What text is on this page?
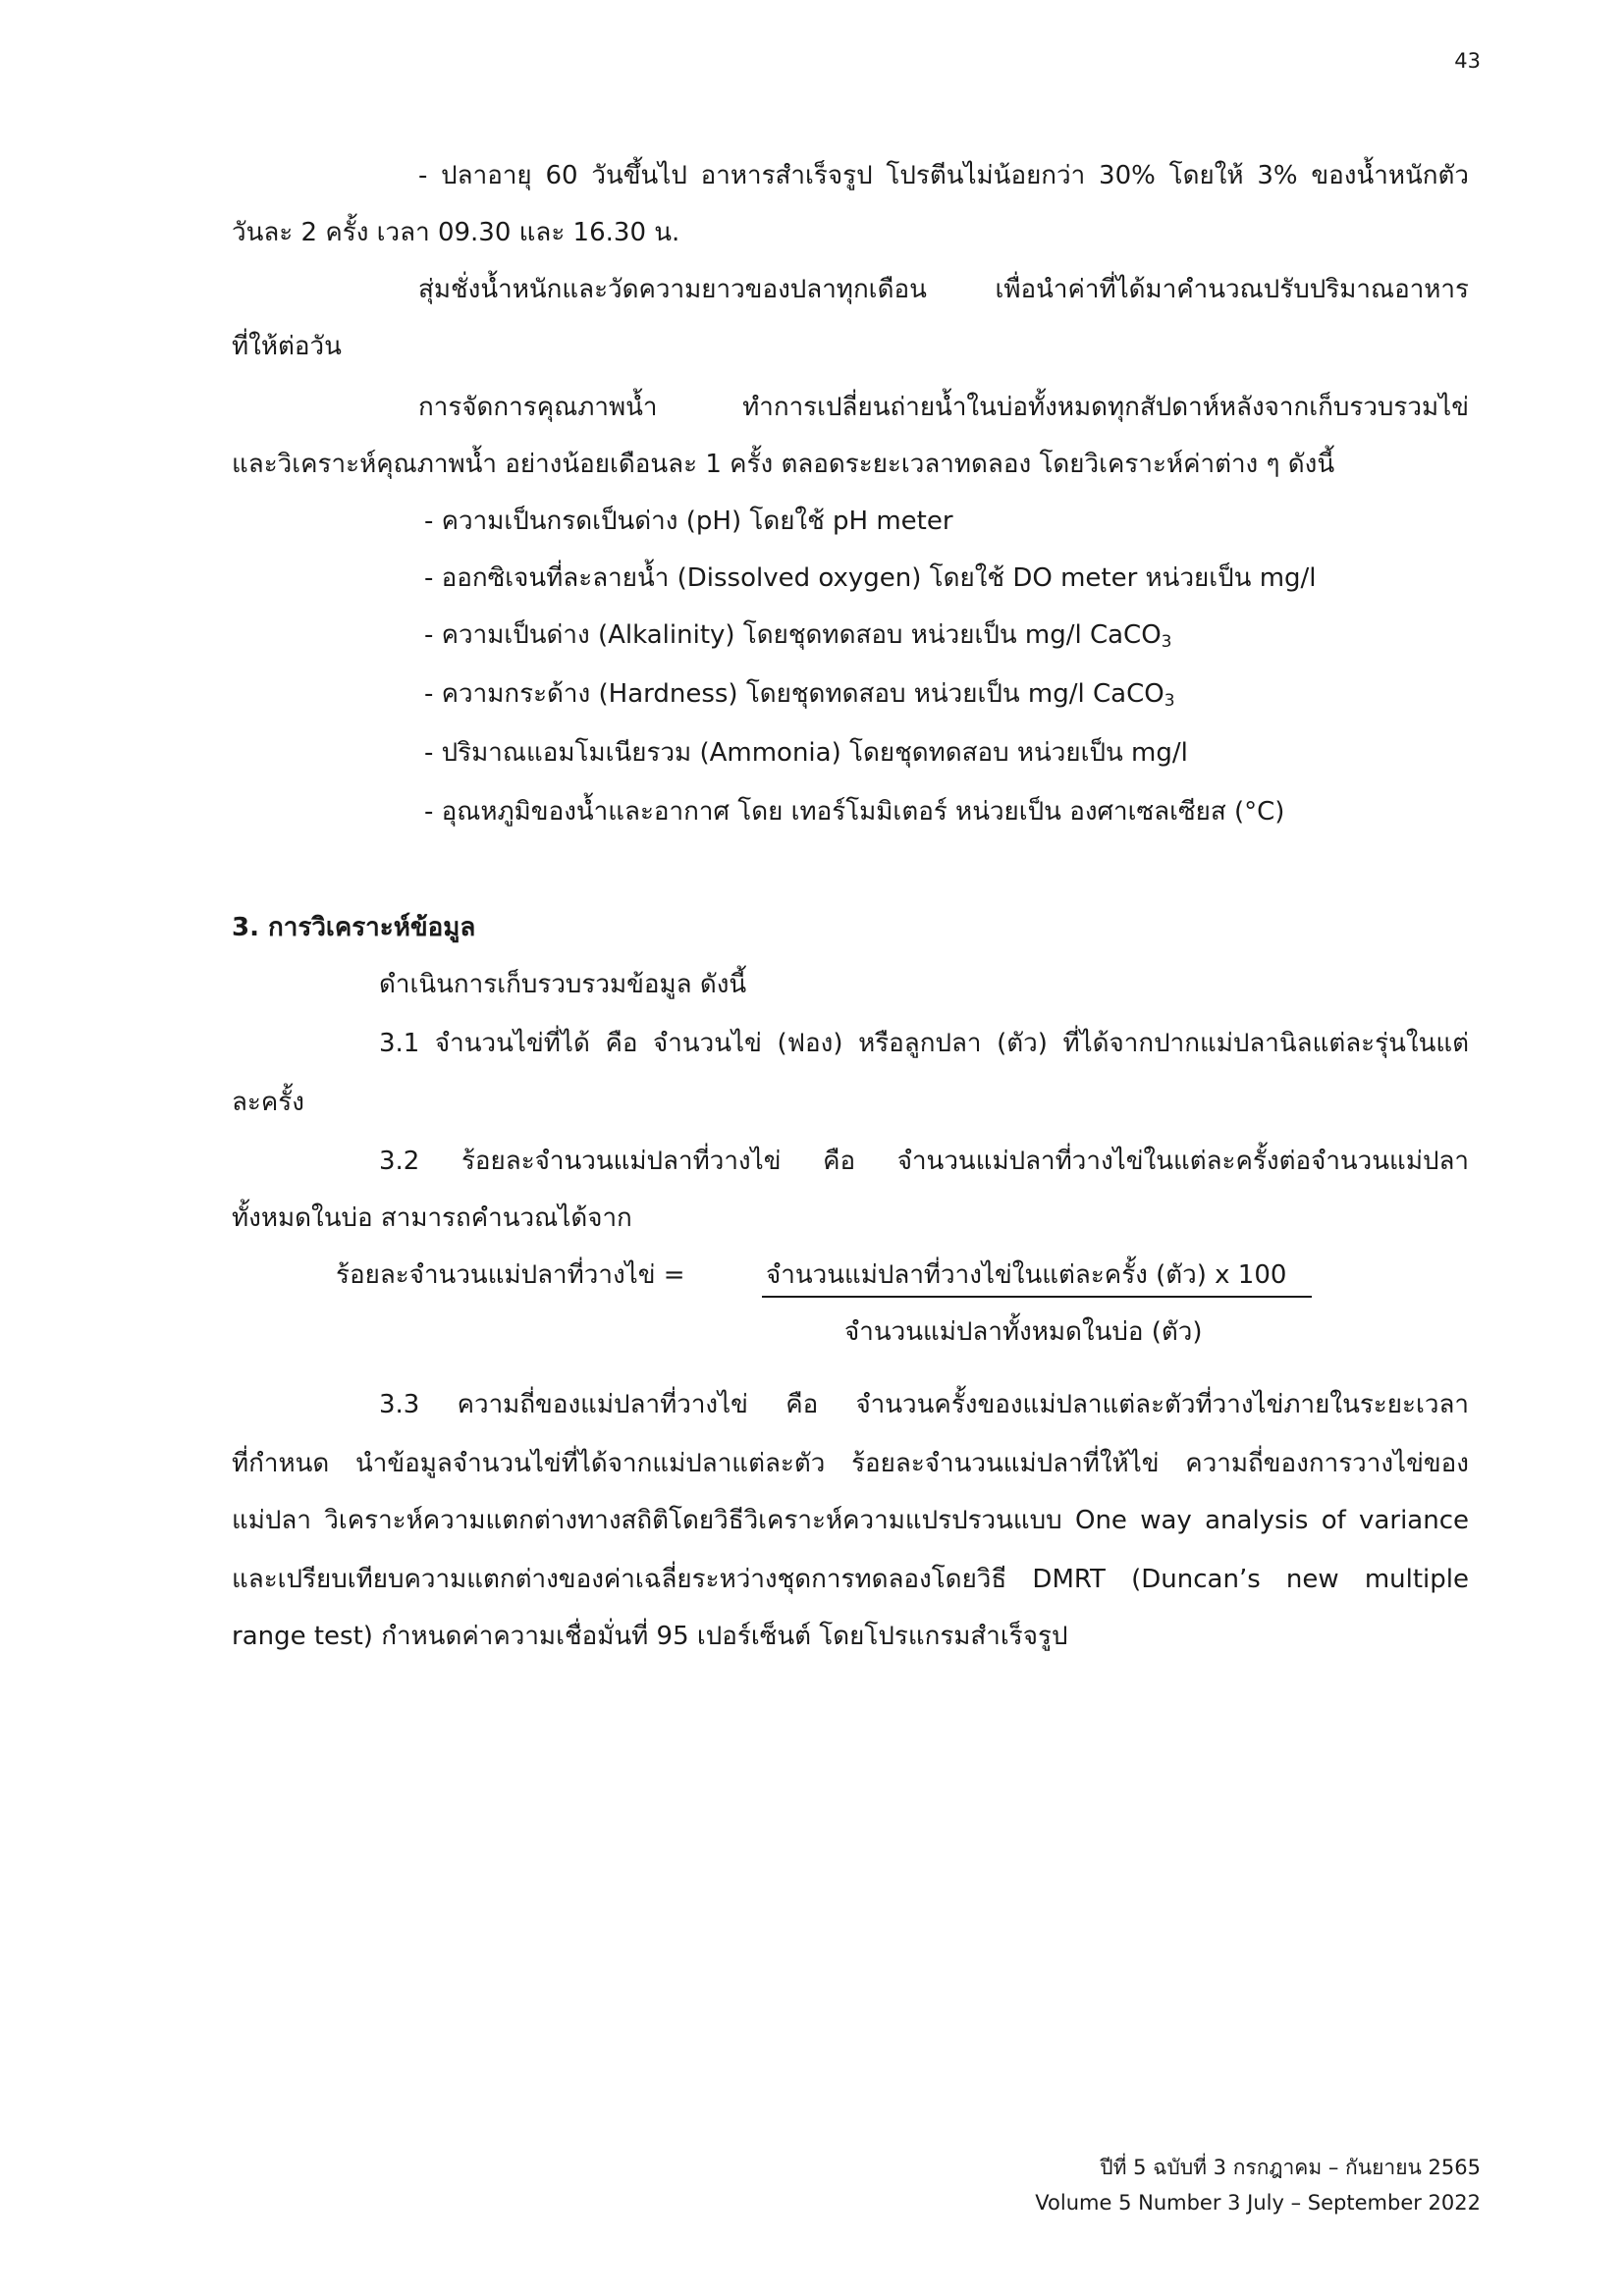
43
- ปลาอายุ 60 วันขึ้นไป อาหารสำเร็จรูป โปรตีนไม่น้อยกว่า 30% โดยให้ 3% ของน้ำหนักตัว
วันละ 2 ครั้ง เวลา 09.30 และ 16.30 น.
สุ่มชั่งน้ำหนักและวัดความยาวของปลาทุกเดือน เพื่อนำค่าที่ได้มาคำนวณปรับปริมาณอาหาร
ที่ให้ต่อวัน
การจัดการคุณภาพน้ำ ทำการเปลี่ยนถ่ายน้ำในบ่อทั้งหมดทุกสัปดาห์หลังจากเก็บรวบรวมไข่
และวิเคราะห์คุณภาพน้ำ อย่างน้อยเดือนละ 1 ครั้ง ตลอดระยะเวลาทดลอง โดยวิเคราะห์ค่าต่าง ๆ ดังนี้
- ความเป็นกรดเป็นด่าง (pH) โดยใช้ pH meter
- ออกซิเจนที่ละลายน้ำ (Dissolved oxygen) โดยใช้ DO meter หน่วยเป็น mg/l
- ความเป็นด่าง (Alkalinity) โดยชุดทดสอบ หน่วยเป็น mg/l CaCO$_3$
- ความกระด้าง (Hardness) โดยชุดทดสอบ หน่วยเป็น mg/l CaCO$_3$
- ปริมาณแอมโมเนียรวม (Ammonia) โดยชุดทดสอบ หน่วยเป็น mg/l
- อุณหภูมิของน้ำและอากาศ โดย เทอร์โมมิเตอร์ หน่วยเป็น องศาเซลเซียส (°C)
3. การวิเคราะห์ข้อมูล
ดำเนินการเก็บรวบรวมข้อมูล ดังนี้
3.1 จำนวนไข่ที่ได้ คือ จำนวนไข่ (ฟอง) หรือลูกปลา (ตัว) ที่ได้จากปากแม่ปลานิลแต่ละรุ่นในแต่
ละครั้ง
3.2 ร้อยละจำนวนแม่ปลาที่วางไข่ คือ จำนวนแม่ปลาที่วางไข่ในแต่ละครั้งต่อจำนวนแม่ปลา
ทั้งหมดในบ่อ สามารถคำนวณได้จาก
ร้อยละจำนวนแม่ปลาที่วางไข่ =	จำนวนแม่ปลาที่วางไข่ในแต่ละครั้ง (ตัว) x 100
จำนวนแม่ปลาทั้งหมดในบ่อ (ตัว)
3.3 ความถี่ของแม่ปลาที่วางไข่ คือ จำนวนครั้งของแม่ปลาแต่ละตัวที่วางไข่ภายในระยะเวลา
ที่กำหนด นำข้อมูลจำนวนไข่ที่ได้จากแม่ปลาแต่ละตัว ร้อยละจำนวนแม่ปลาที่ให้ไข่ ความถี่ของการวางไข่ของ
แม่ปลา วิเคราะห์ความแตกต่างทางสถิติโดยวิธีวิเคราะห์ความแปรปรวนแบบ One way analysis of variance
และเปรียบเทียบความแตกต่างของค่าเฉลี่ยระหว่างชุดการทดลองโดยวิธี DMRT (Duncan’s new multiple
range test) กำหนดค่าความเชื่อมั่นที่ 95 เปอร์เซ็นต์ โดยโปรแกรมสำเร็จรูป
ปีที่ 5 ฉบับที่ 3 กรกฎาคม – กันยายน 2565
Volume 5 Number 3 July – September 2022
